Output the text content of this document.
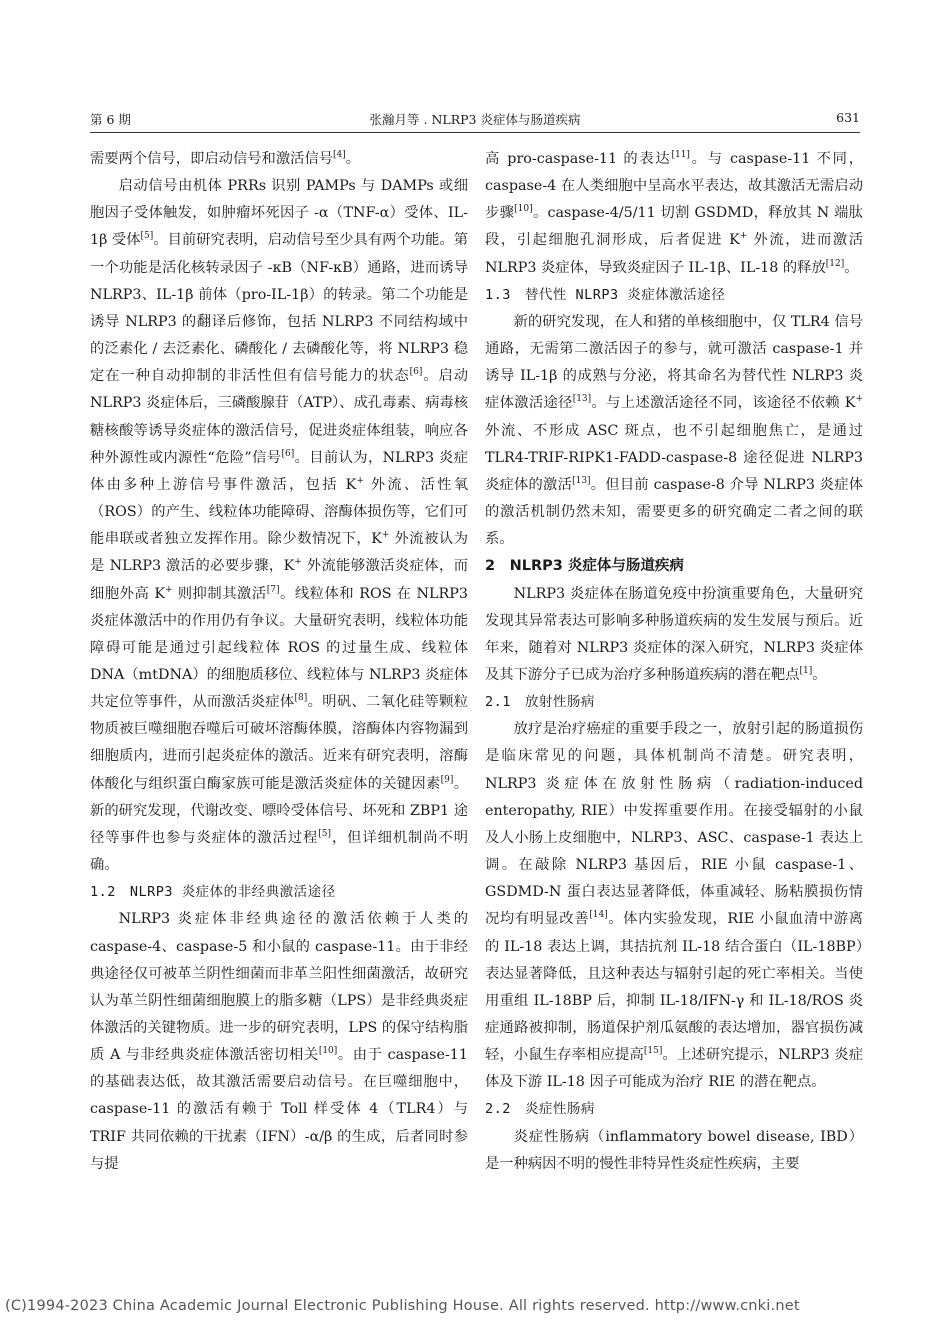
第 6 期	张瀚月等 . NLRP3 炎症体与肠道疾病	631

需要两个信号，即启动信号和激活信号[4]。

启动信号由机体 PRRs 识别 PAMPs 与 DAMPs 或细胞因子受体触发，如肿瘤坏死因子 -α（TNF-α）受体、IL-1β 受体[5]。目前研究表明，启动信号至少具有两个功能。第一个功能是活化核转录因子 -κB（NF-κB）通路，进而诱导 NLRP3、IL-1β 前体（pro-IL-1β）的转录。第二个功能是诱导 NLRP3 的翻译后修饰，包括 NLRP3 不同结构域中的泛素化 / 去泛素化、磷酸化 / 去磷酸化等，将 NLRP3 稳定在一种自动抑制的非活性但有信号能力的状态[6]。启动 NLRP3 炎症体后，三磷酸腺苷（ATP）、成孔毒素、病毒核糖核酸等诱导炎症体的激活信号，促进炎症体组装，响应各种外源性或内源性“危险”信号[6]。目前认为，NLRP3 炎症体由多种上游信号事件激活，包括 K+ 外流、活性氧（ROS）的产生、线粒体功能障碍、溶酶体损伤等，它们可能串联或者独立发挥作用。除少数情况下，K+ 外流被认为是 NLRP3 激活的必要步骤，K+ 外流能够激活炎症体，而细胞外高 K+ 则抑制其激活[7]。线粒体和 ROS 在 NLRP3 炎症体激活中的作用仍有争议。大量研究表明，线粒体功能障碍可能是通过引起线粒体 ROS 的过量生成、线粒体 DNA（mtDNA）的细胞质移位、线粒体与 NLRP3 炎症体共定位等事件，从而激活炎症体[8]。明矾、二氧化硅等颗粒物质被巨噬细胞吞噬后可破坏溶酶体膜，溶酶体内容物漏到细胞质内，进而引起炎症体的激活。近来有研究表明，溶酶体酸化与组织蛋白酶家族可能是激活炎症体的关键因素[9]。新的研究发现，代谢改变、嘌呤受体信号、坏死和 ZBP1 途径等事件也参与炎症体的激活过程[5]，但详细机制尚不明确。

1.2　NLRP3 炎症体的非经典激活途径

NLRP3 炎症体非经典途径的激活依赖于人类的 caspase-4、caspase-5 和小鼠的 caspase-11。由于非经典途径仅可被革兰阴性细菌而非革兰阳性细菌激活，故研究认为革兰阴性细菌细胞膜上的脂多糖（LPS）是非经典炎症体激活的关键物质。进一步的研究表明，LPS 的保守结构脂质 A 与非经典炎症体激活密切相关[10]。由于 caspase-11 的基础表达低，故其激活需要启动信号。在巨噬细胞中，caspase-11 的激活有赖于 Toll 样受体 4（TLR4）与 TRIF 共同依赖的干扰素（IFN）-α/β 的生成，后者同时参与提

高 pro-caspase-11 的表达[11]。与 caspase-11 不同，caspase-4 在人类细胞中呈高水平表达，故其激活无需启动步骤[10]。caspase-4/5/11 切割 GSDMD，释放其 N 端肽段，引起细胞孔洞形成，后者促进 K+ 外流，进而激活 NLRP3 炎症体，导致炎症因子 IL-1β、IL-18 的释放[12]。

1.3　替代性 NLRP3 炎症体激活途径

新的研究发现，在人和猪的单核细胞中，仅 TLR4 信号通路，无需第二激活因子的参与，就可激活 caspase-1 并诱导 IL-1β 的成熟与分泌，将其命名为替代性 NLRP3 炎症体激活途径[13]。与上述激活途径不同，该途径不依赖 K+ 外流、不形成 ASC 斑点，也不引起细胞焦亡，是通过 TLR4-TRIF-RIPK1-FADD-caspase-8 途径促进 NLRP3 炎症体的激活[13]。但目前 caspase-8 介导 NLRP3 炎症体的激活机制仍然未知，需要更多的研究确定二者之间的联系。

2　NLRP3 炎症体与肠道疾病

NLRP3 炎症体在肠道免疫中扮演重要角色，大量研究发现其异常表达可影响多种肠道疾病的发生发展与预后。近年来，随着对 NLRP3 炎症体的深入研究，NLRP3 炎症体及其下游分子已成为治疗多种肠道疾病的潜在靶点[1]。

2.1　放射性肠病

放疗是治疗癌症的重要手段之一，放射引起的肠道损伤是临床常见的问题，具体机制尚不清楚。研究表明，NLRP3 炎症体在放射性肠病（radiation-induced enteropathy, RIE）中发挥重要作用。在接受辐射的小鼠及人小肠上皮细胞中，NLRP3、ASC、caspase-1 表达上调。在敲除 NLRP3 基因后，RIE 小鼠 caspase-1、GSDMD-N 蛋白表达显著降低，体重减轻、肠粘膜损伤情况均有明显改善[14]。体内实验发现，RIE 小鼠血清中游离的 IL-18 表达上调，其拮抗剂 IL-18 结合蛋白（IL-18BP）表达显著降低，且这种表达与辐射引起的死亡率相关。当使用重组 IL-18BP 后，抑制 IL-18/IFN-γ 和 IL-18/ROS 炎症通路被抑制，肠道保护剂瓜氨酸的表达增加，器官损伤减轻，小鼠生存率相应提高[15]。上述研究提示，NLRP3 炎症体及下游 IL-18 因子可能成为治疗 RIE 的潜在靶点。

2.2　炎症性肠病

炎症性肠病（inflammatory bowel disease, IBD）是一种病因不明的慢性非特异性炎症性疾病，主要

(C)1994-2023 China Academic Journal Electronic Publishing House. All rights reserved. http://www.cnki.net
